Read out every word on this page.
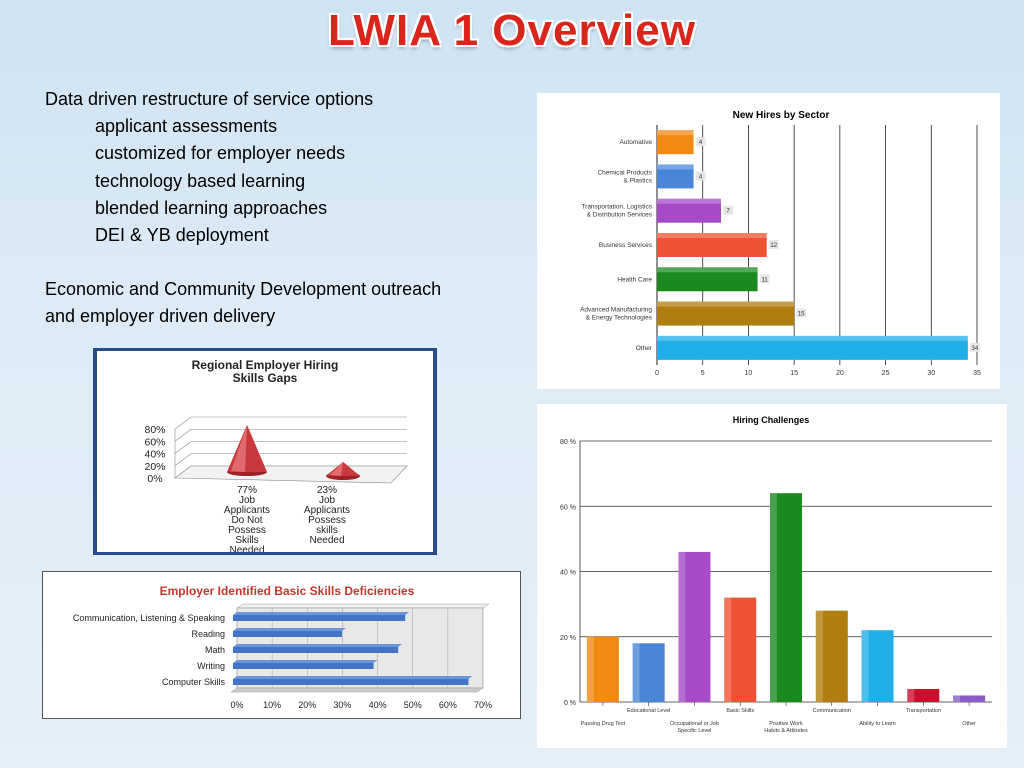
LWIA 1 Overview
Data driven restructure of service options
applicant assessments
customized for employer needs
technology based learning
blended learning approaches
DEI & YB deployment
Economic and Community Development outreach
and employer driven delivery
New Hires by Sector
0	5	10	15	20	25	30	35
4
Automative
4
Chemical Products
& Plastics
7
Transportation, Logistics
& Distribution Services
12
Business Services
11
Health Care
15
Advanced Manufacturing
& Energy Technologies
34
Other
Hiring Challenges
0 %
20 %
40 %
60 %
80 %
Passing Drug Test
Educational Level
Occupational or Job
Specific Level
Basic Skills
Positive Work
Habits & Attitudes
Communication
Ability to Learn
Transportation
Other
Employer Identified Basic Skills Deficiencies
0% 10% 20% 30% 40% 50% 60% 70%
Communication, Listening & Speaking
Reading
Math
Writing
Computer Skills
Regional Employer Hiring
Skills Gaps
0%
20%
40%
60%
80%
77%
Job
Applicants
Do Not
Possess
Skills
Needed
23%
Job
Applicants
Possess
skills
Needed
